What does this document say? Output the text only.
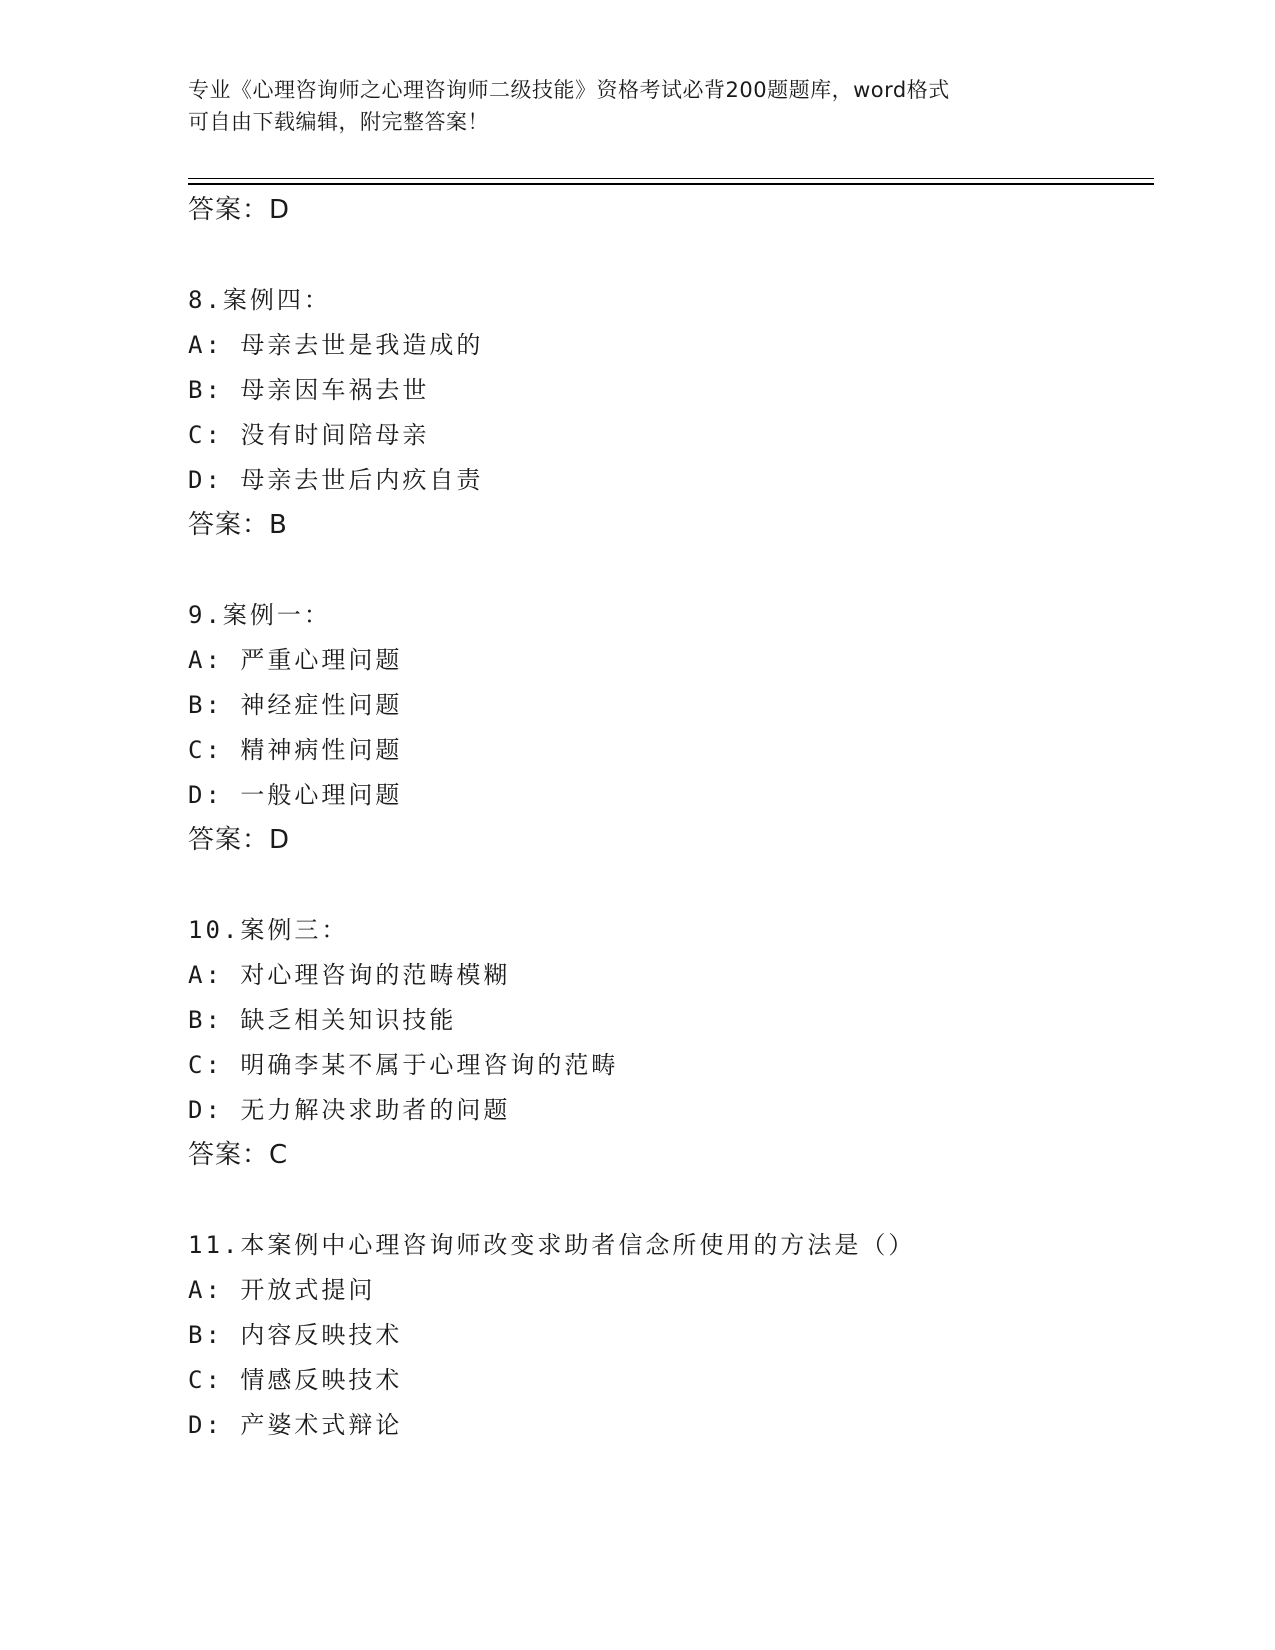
专业《心理咨询师之心理咨询师二级技能》资格考试必背200题题库，word格式
可自由下载编辑，附完整答案！
答案：D
8.案例四：
A: 母亲去世是我造成的
B: 母亲因车祸去世
C: 没有时间陪母亲
D: 母亲去世后内疚自责
答案：B
9.案例一：
A: 严重心理问题
B: 神经症性问题
C: 精神病性问题
D: 一般心理问题
答案：D
10.案例三：
A: 对心理咨询的范畴模糊
B: 缺乏相关知识技能
C: 明确李某不属于心理咨询的范畴
D: 无力解决求助者的问题
答案：C
11.本案例中心理咨询师改变求助者信念所使用的方法是（）
A: 开放式提问
B: 内容反映技术
C: 情感反映技术
D: 产婆术式辩论
